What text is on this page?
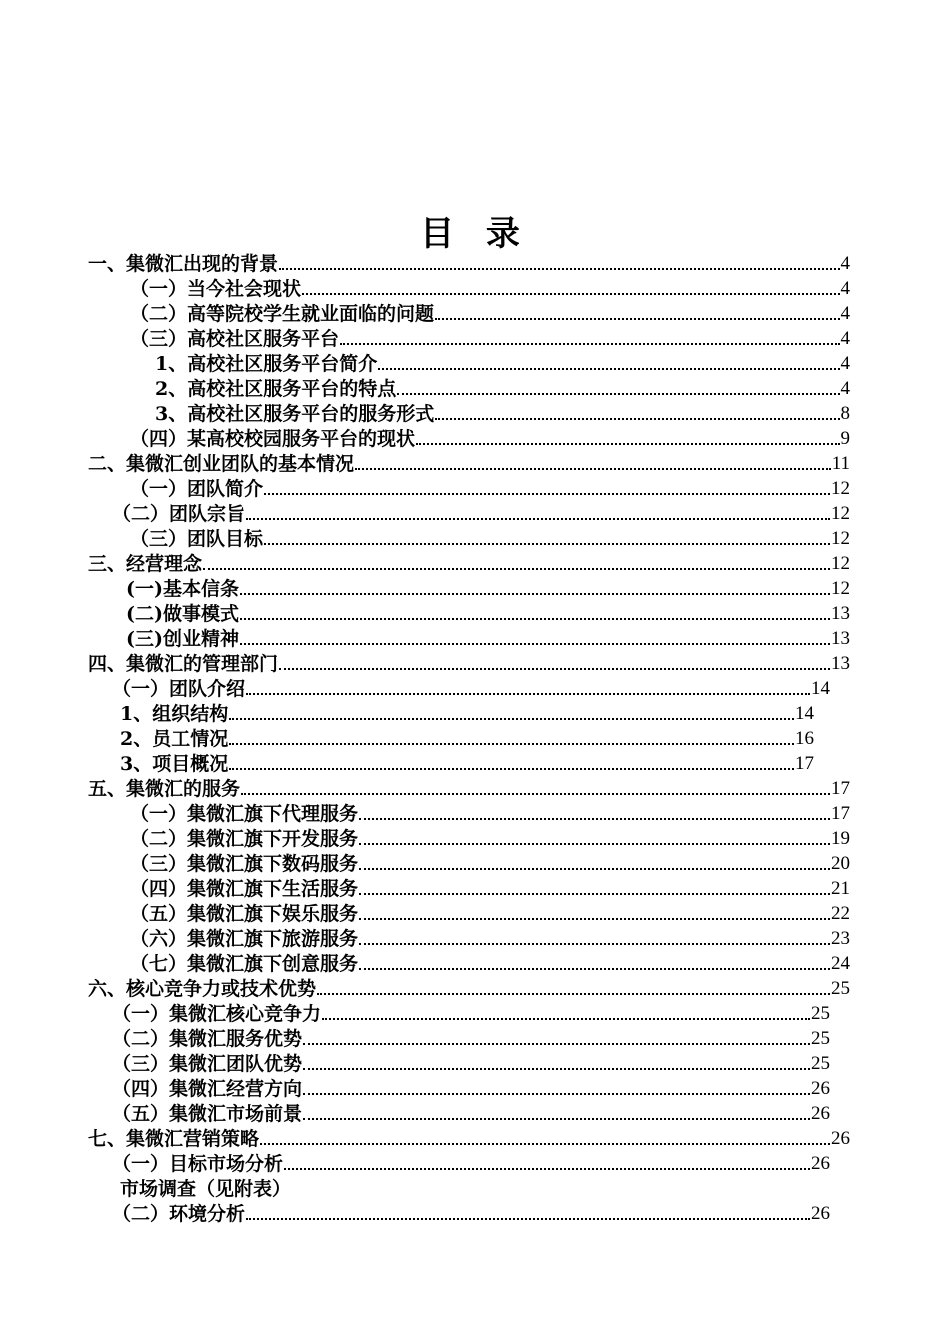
目 录
一、集微汇出现的背景	4
（一）当今社会现状	4
（二）高等院校学生就业面临的问题	4
（三）高校社区服务平台	4
1、高校社区服务平台简介	4
2、高校社区服务平台的特点	4
3、高校社区服务平台的服务形式	8
（四）某高校校园服务平台的现状	9
二、集微汇创业团队的基本情况	11
（一）团队简介	12
（二）团队宗旨	12
（三）团队目标	12
三、经营理念	12
(一)基本信条	12
(二)做事模式	13
(三)创业精神	13
四、集微汇的管理部门	13
（一）团队介绍	14
1、组织结构	14
2、员工情况	16
3、项目概况	17
五、集微汇的服务	17
（一）集微汇旗下代理服务	17
（二）集微汇旗下开发服务	19
（三）集微汇旗下数码服务	20
（四）集微汇旗下生活服务	21
（五）集微汇旗下娱乐服务	22
（六）集微汇旗下旅游服务	23
（七）集微汇旗下创意服务	24
六、核心竞争力或技术优势	25
（一）集微汇核心竞争力	25
（二）集微汇服务优势	25
（三）集微汇团队优势	25
（四）集微汇经营方向	26
（五）集微汇市场前景	26
七、集微汇营销策略	26
（一）目标市场分析	26
市场调查（见附表）
（二）环境分析	26
